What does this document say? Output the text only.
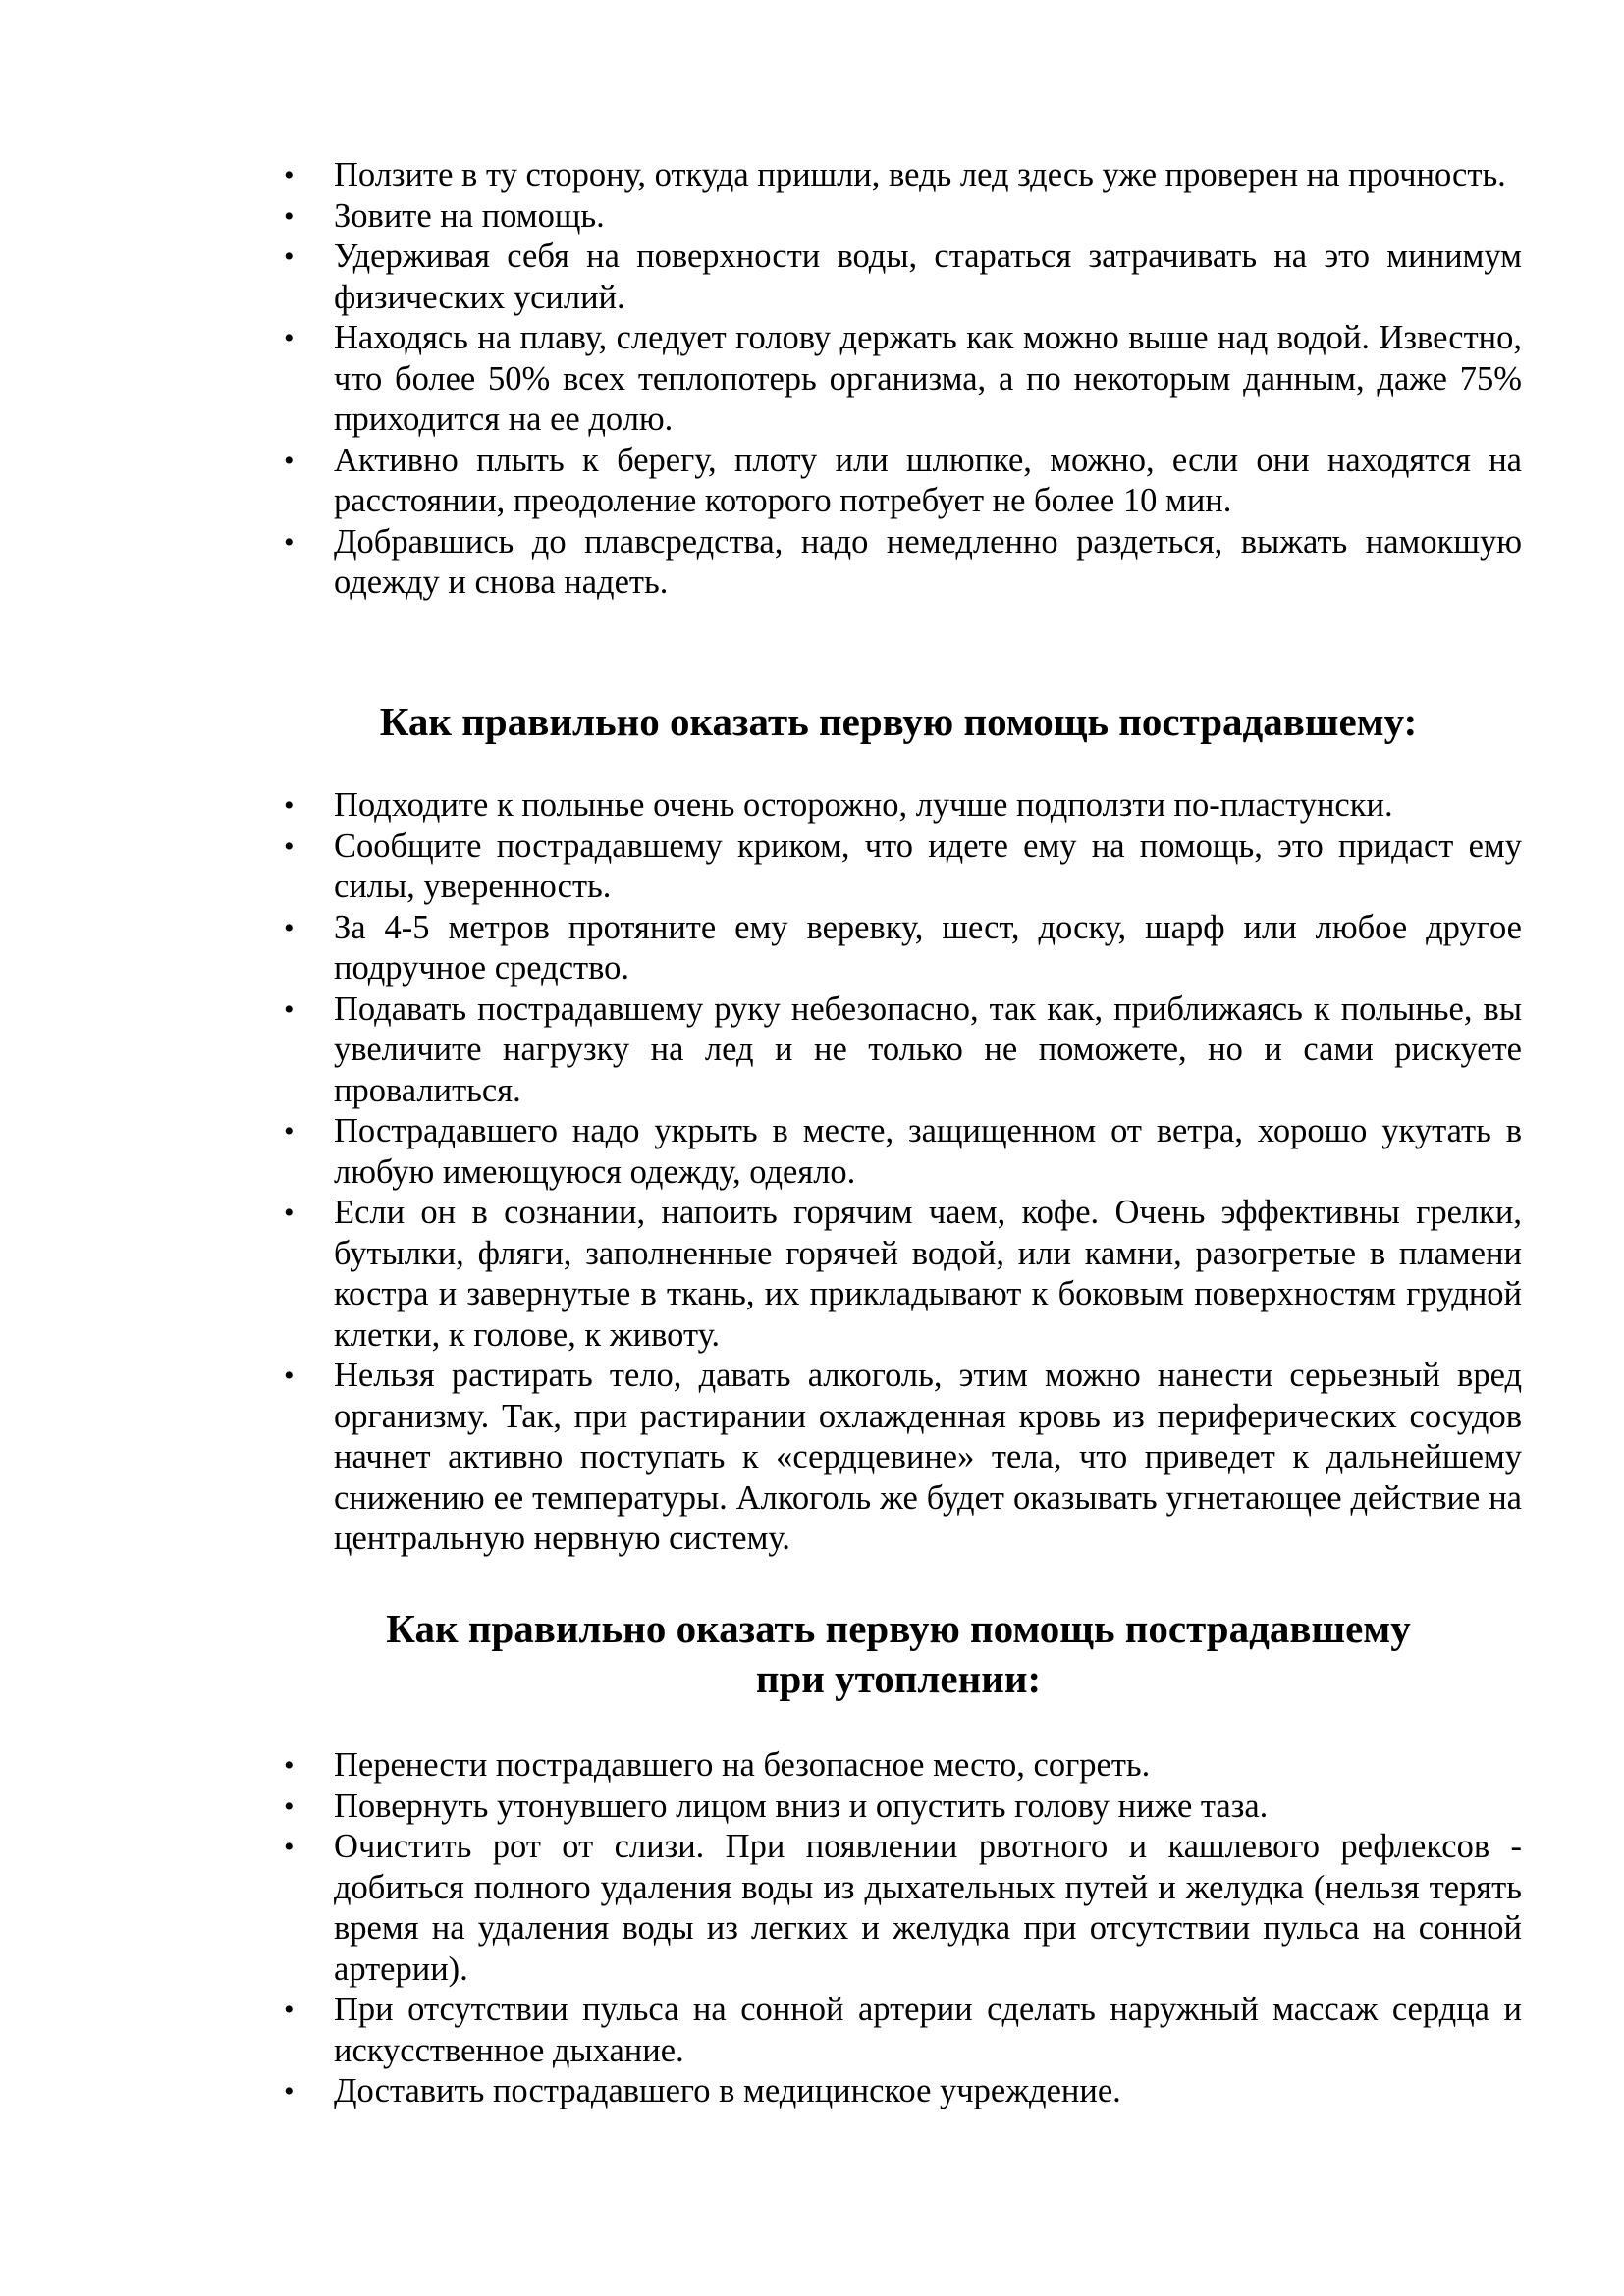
• Ползите в ту сторону, откуда пришли, ведь лед здесь уже проверен на прочность.
• Зовите на помощь.
• Удерживая себя на поверхности воды, стараться затрачивать на это минимум физических усилий.
• Находясь на плаву, следует голову держать как можно выше над водой. Известно, что более 50% всех теплопотерь организма, а по некоторым данным, даже 75% приходится на ее долю.
• Активно плыть к берегу, плоту или шлюпке, можно, если они находятся на расстоянии, преодоление которого потребует не более 10 мин.
• Добравшись до плавсредства, надо немедленно раздеться, выжать намокшую одежду и снова надеть.
Как правильно оказать первую помощь пострадавшему:
• Подходите к полынье очень осторожно, лучше подползти по-пластунски.
• Сообщите пострадавшему криком, что идете ему на помощь, это придаст ему силы, уверенность.
• За 4-5 метров протяните ему веревку, шест, доску, шарф или любое другое подручное средство.
• Подавать пострадавшему руку небезопасно, так как, приближаясь к полынье, вы увеличите нагрузку на лед и не только не поможете, но и сами рискуете провалиться.
• Пострадавшего надо укрыть в месте, защищенном от ветра, хорошо укутать в любую имеющуюся одежду, одеяло.
• Если он в сознании, напоить горячим чаем, кофе. Очень эффективны грелки, бутылки, фляги, заполненные горячей водой, или камни, разогретые в пламени костра и завернутые в ткань, их прикладывают к боковым поверхностям грудной клетки, к голове, к животу.
• Нельзя растирать тело, давать алкоголь, этим можно нанести серьезный вред организму. Так, при растирании охлажденная кровь из периферических сосудов начнет активно поступать к «сердцевине» тела, что приведет к дальнейшему снижению ее температуры. Алкоголь же будет оказывать угнетающее действие на центральную нервную систему.
Как правильно оказать первую помощь пострадавшему
при утоплении:
• Перенести пострадавшего на безопасное место, согреть.
• Повернуть утонувшего лицом вниз и опустить голову ниже таза.
• Очистить рот от слизи. При появлении рвотного и кашлевого рефлексов - добиться полного удаления воды из дыхательных путей и желудка (нельзя терять время на удаления воды из легких и желудка при отсутствии пульса на сонной артерии).
• При отсутствии пульса на сонной артерии сделать наружный массаж сердца и искусственное дыхание.
• Доставить пострадавшего в медицинское учреждение.
